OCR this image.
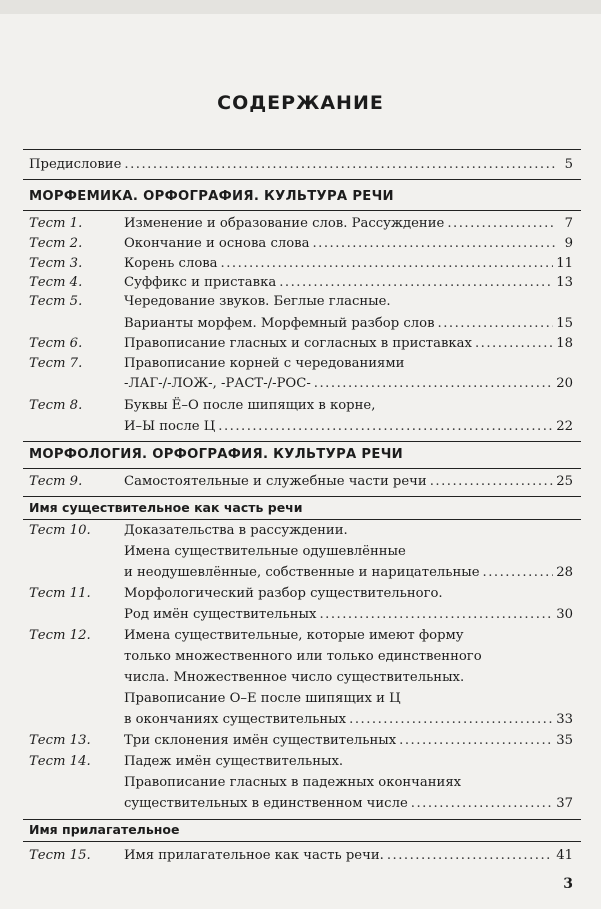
СОДЕРЖАНИЕ
Предисловие .....	5
МОРФЕМИКА. ОРФОГРАФИЯ. КУЛЬТУРА РЕЧИ
Тест 1.	Изменение и образование слов. Рассуждение .....	7
Тест 2.	Окончание и основа слова .....	9
Тест 3.	Корень слова .....	11
Тест 4.	Суффикс и приставка .....	13
Тест 5.	Чередование звуков. Беглые гласные.
Варианты морфем. Морфемный разбор слов .....	15
Тест 6.	Правописание гласных и согласных в приставках .....	18
Тест 7.	Правописание корней с чередованиями
-ЛАГ-/-ЛОЖ-, -РАСТ-/-РОС- .....	20
Тест 8.	Буквы Ё–О после шипящих в корне,
И–Ы после Ц .....	22
МОРФОЛОГИЯ. ОРФОГРАФИЯ. КУЛЬТУРА РЕЧИ
Тест 9.	Самостоятельные и служебные части речи .....	25
Имя существительное как часть речи
Тест 10.	Доказательства в рассуждении.
Имена существительные одушевлённые
и неодушевлённые, собственные и нарицательные .....	28
Тест 11.	Морфологический разбор существительного.
Род имён существительных .....	30
Тест 12.	Имена существительные, которые имеют форму
только множественного или только единственного
числа. Множественное число существительных.
Правописание О–Е после шипящих и Ц
в окончаниях существительных .....	33
Тест 13.	Три склонения имён существительных .....	35
Тест 14.	Падеж имён существительных.
Правописание гласных в падежных окончаниях
существительных в единственном числе .....	37
Имя прилагательное
Тест 15.	Имя прилагательное как часть речи. .....	41
3
